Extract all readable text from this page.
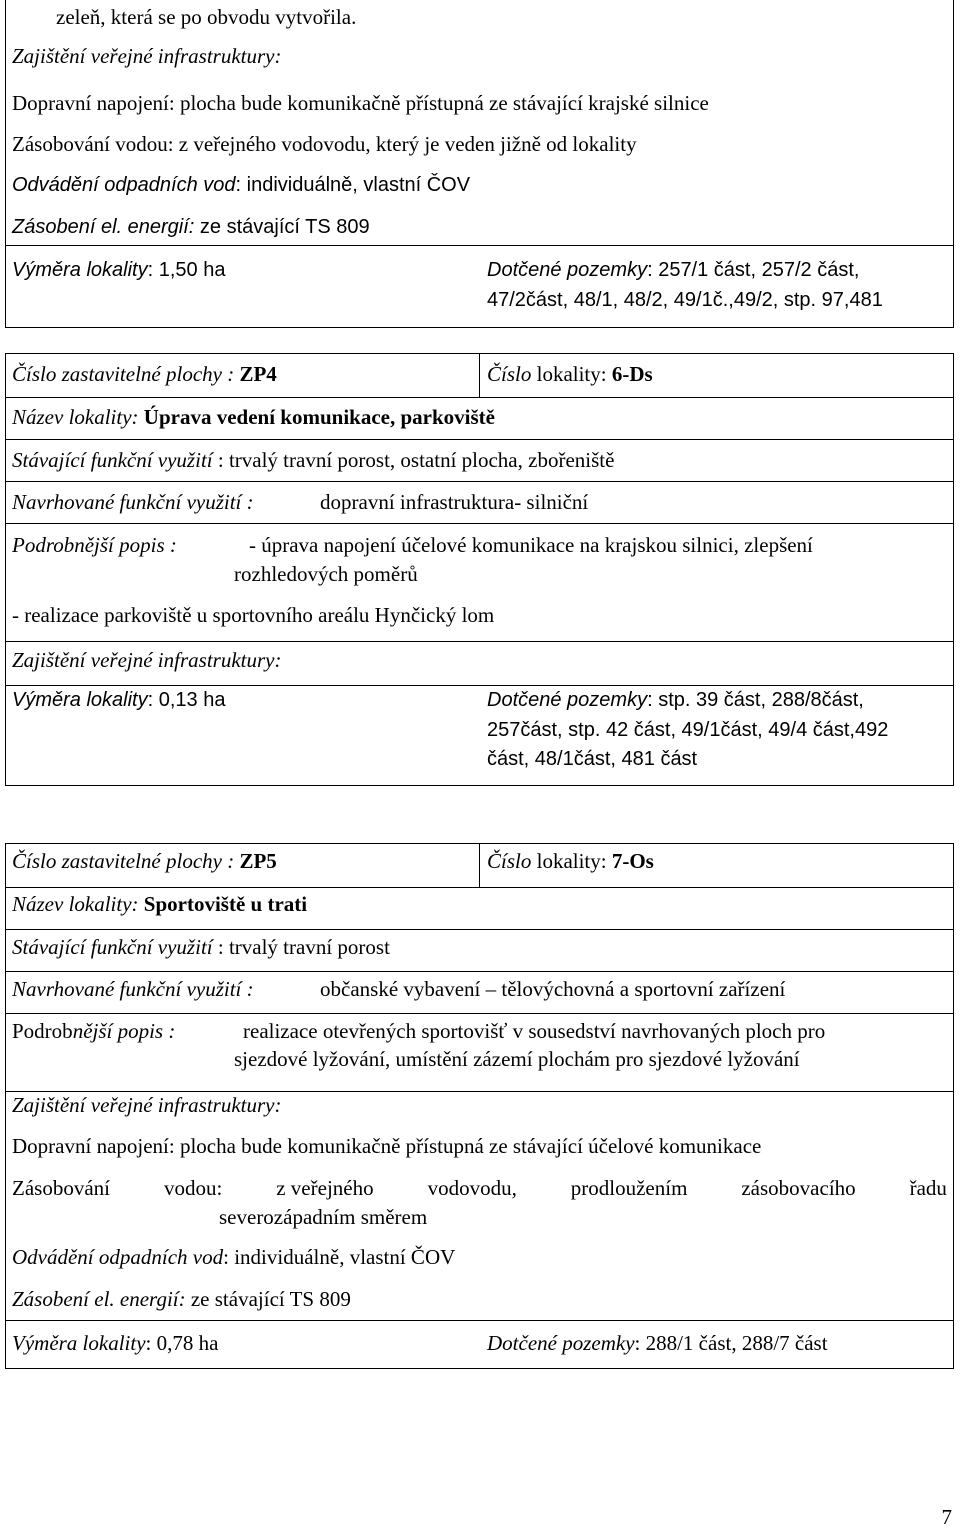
zeleň, která se po obvodu vytvořila.
Zajištění veřejné infrastruktury:
Dopravní napojení: plocha bude komunikačně přístupná ze stávající krajské silnice
Zásobování vodou: z veřejného vodovodu, který je veden jižně od lokality
Odvádění odpadních vod: individuálně, vlastní ČOV
Zásobení el. energií: ze stávající TS 809
Výměra lokality: 1,50 ha	Dotčené pozemky: 257/1 část, 257/2 část,
47/2část, 48/1, 48/2, 49/1č.,49/2, stp. 97,481
Číslo zastavitelné plochy : ZP4	Číslo lokality: 6-Ds
Název lokality: Úprava vedení komunikace, parkoviště
Stávající funkční využití : trvalý travní porost, ostatní plocha, zbořeniště
Navrhované funkční využití :	dopravní infrastruktura- silniční
Podrobnější popis :	- úprava napojení účelové komunikace na krajskou silnici, zlepšení
rozhledových poměrů
- realizace parkoviště u sportovního areálu Hynčický lom
Zajištění veřejné infrastruktury:
Výměra lokality: 0,13 ha	Dotčené pozemky: stp. 39 část, 288/8část,
257část, stp. 42 část, 49/1část, 49/4 část,492
část, 48/1část, 481 část
Číslo zastavitelné plochy : ZP5	Číslo lokality: 7-Os
Název lokality: Sportoviště u trati
Stávající funkční využití : trvalý travní porost
Navrhované funkční využití :	občanské vybavení – tělovýchovná a sportovní zařízení
Podrobnější popis :	realizace otevřených sportovišť v sousedství navrhovaných ploch pro
sjezdové lyžování, umístění zázemí plochám pro sjezdové lyžování
Zajištění veřejné infrastruktury:
Dopravní napojení: plocha bude komunikačně přístupná ze stávající účelové komunikace
Zásobování	vodou:	z veřejného	vodovodu,	prodloužením	zásobovacího	řadu
severozápadním směrem
Odvádění odpadních vod: individuálně, vlastní ČOV
Zásobení el. energií: ze stávající TS 809
Výměra lokality: 0,78 ha	Dotčené pozemky: 288/1 část, 288/7 část
7
